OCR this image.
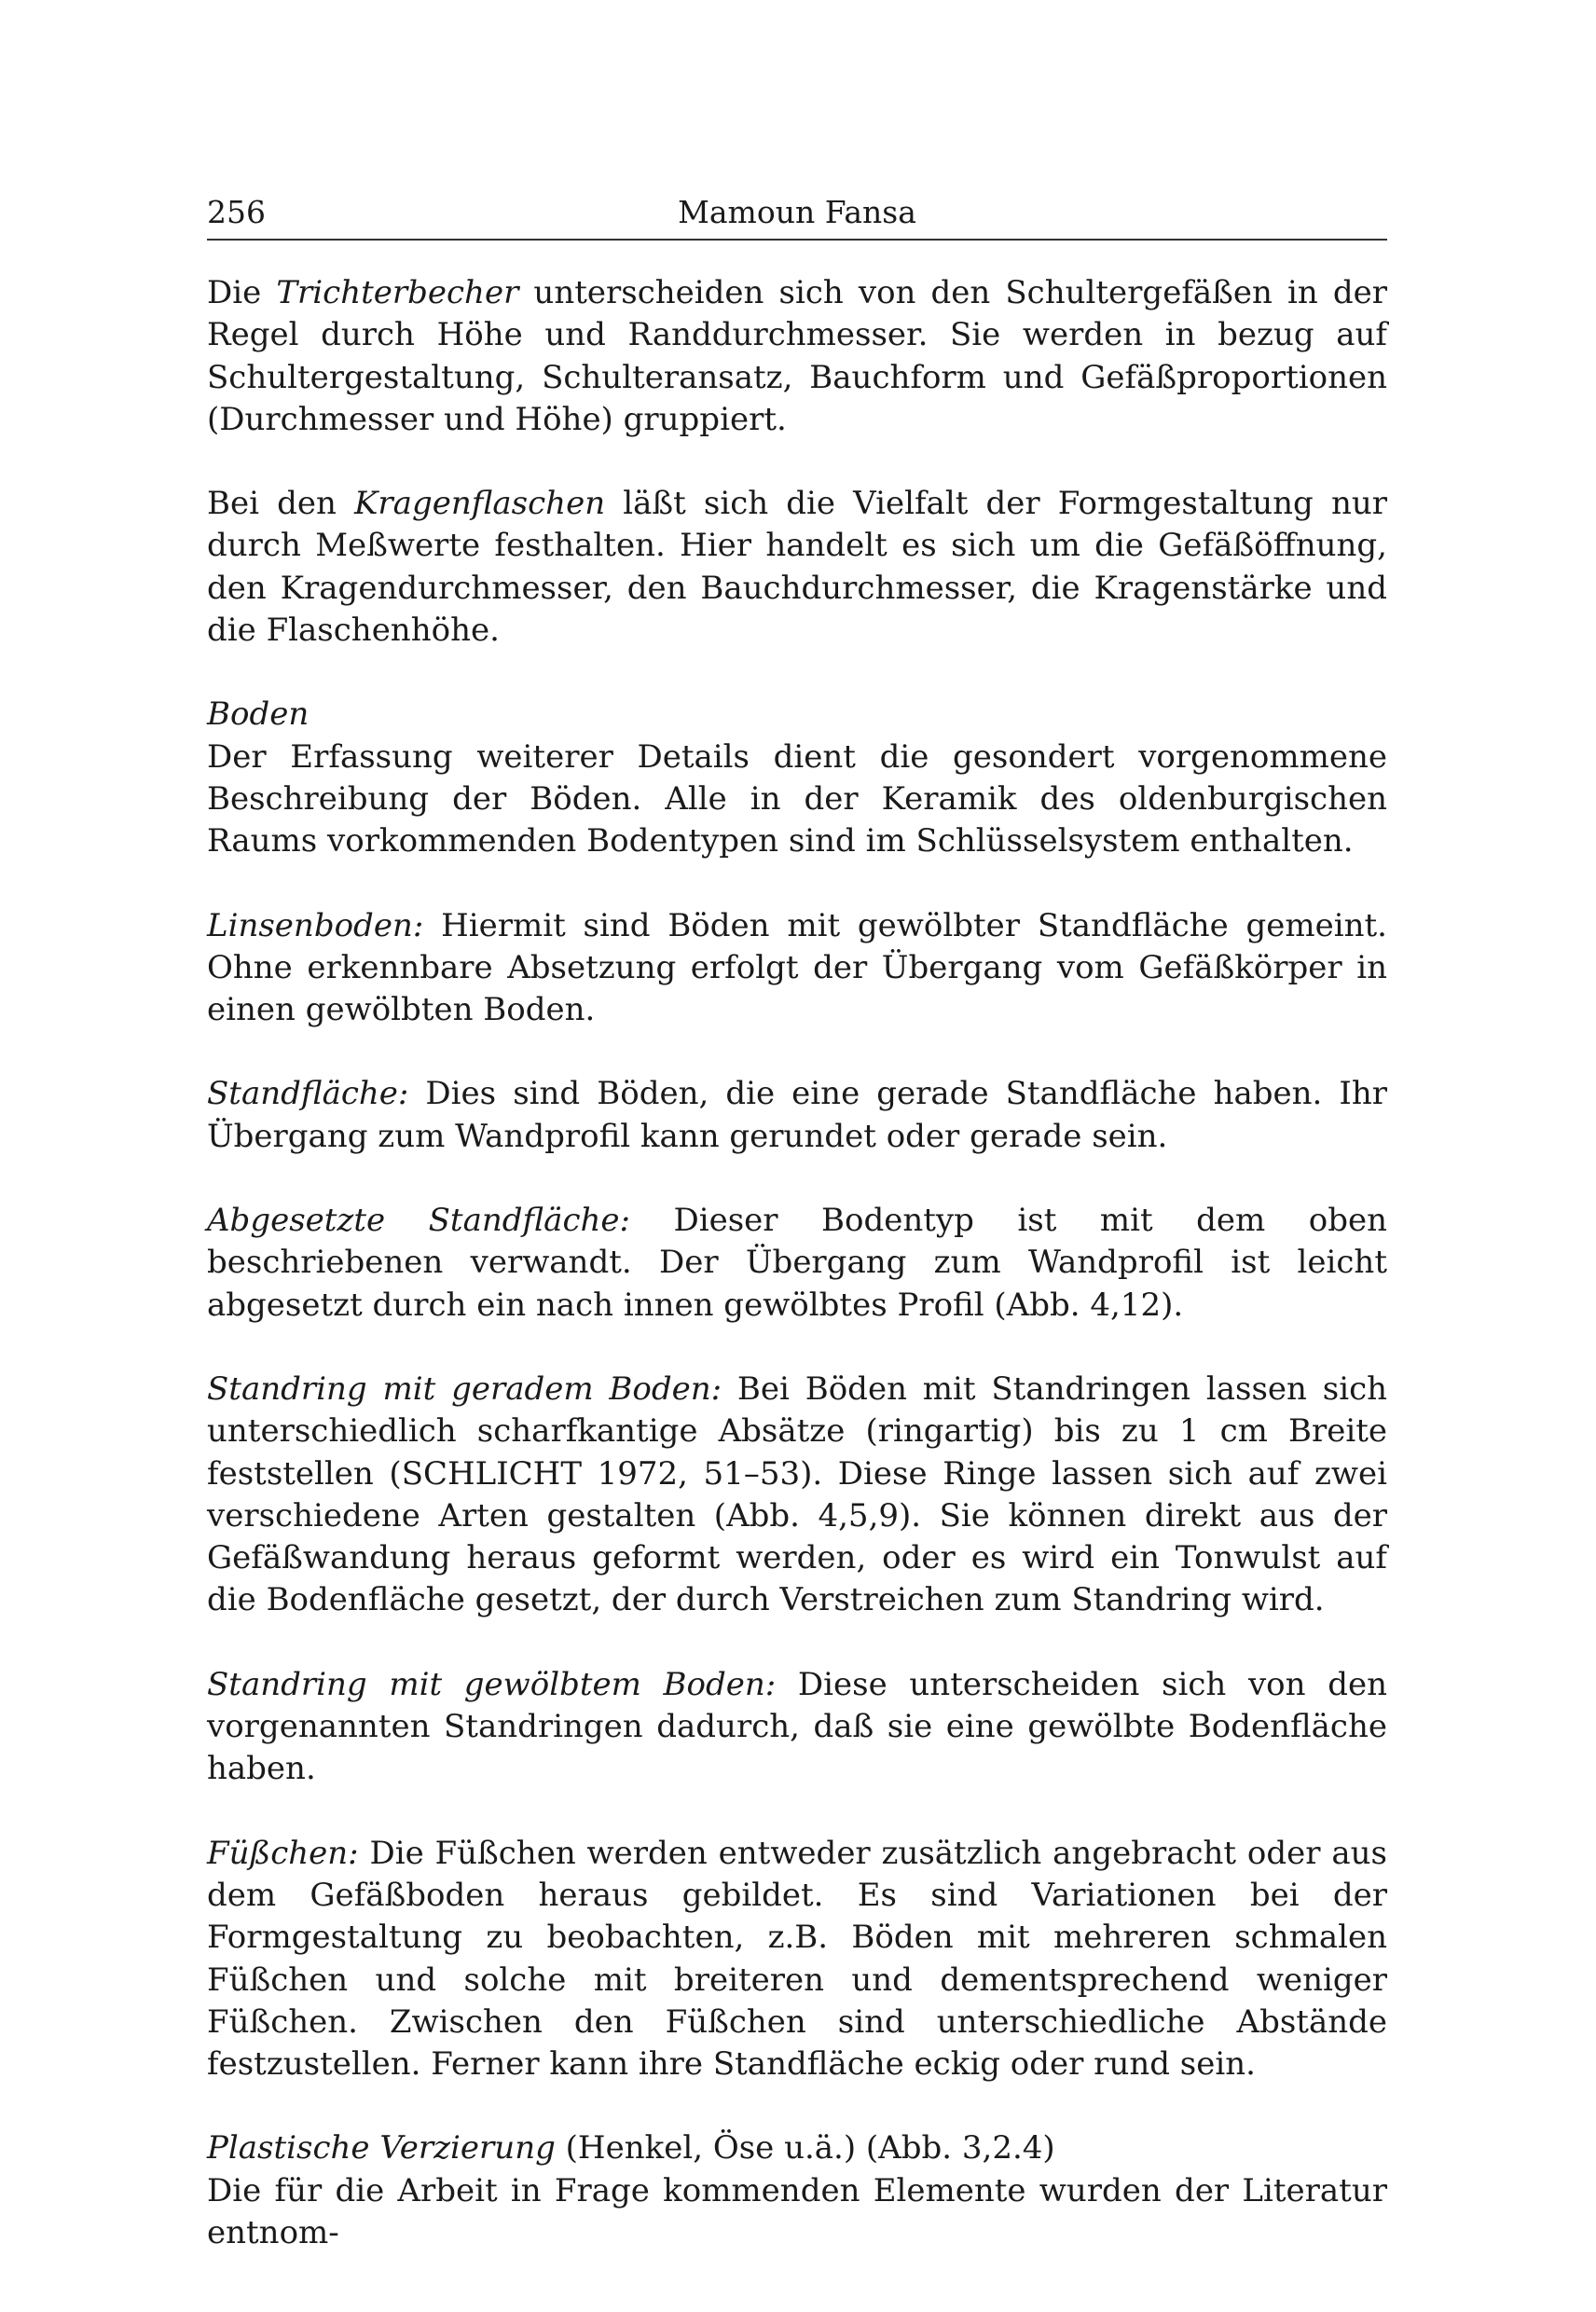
256	Mamoun Fansa

Die Trichterbecher unterscheiden sich von den Schultergefäßen in der Regel durch Höhe und Randdurchmesser. Sie werden in bezug auf Schultergestaltung, Schulteransatz, Bauchform und Gefäßproportionen (Durchmesser und Höhe) gruppiert.

Bei den Kragenflaschen läßt sich die Vielfalt der Formgestaltung nur durch Meßwerte festhalten. Hier handelt es sich um die Gefäßöffnung, den Kragendurchmesser, den Bauchdurchmesser, die Kragenstärke und die Flaschenhöhe.

Boden
Der Erfassung weiterer Details dient die gesondert vorgenommene Beschreibung der Böden. Alle in der Keramik des oldenburgischen Raums vorkommenden Bodentypen sind im Schlüsselsystem enthalten.

Linsenboden: Hiermit sind Böden mit gewölbter Standfläche gemeint. Ohne erkennbare Absetzung erfolgt der Übergang vom Gefäßkörper in einen gewölbten Boden.

Standfläche: Dies sind Böden, die eine gerade Standfläche haben. Ihr Übergang zum Wandprofil kann gerundet oder gerade sein.

Abgesetzte Standfläche: Dieser Bodentyp ist mit dem oben beschriebenen verwandt. Der Übergang zum Wandprofil ist leicht abgesetzt durch ein nach innen gewölbtes Profil (Abb. 4,12).

Standring mit geradem Boden: Bei Böden mit Standringen lassen sich unterschiedlich scharfkantige Absätze (ringartig) bis zu 1 cm Breite feststellen (SCHLICHT 1972, 51–53). Diese Ringe lassen sich auf zwei verschiedene Arten gestalten (Abb. 4,5,9). Sie können direkt aus der Gefäßwandung heraus geformt werden, oder es wird ein Tonwulst auf die Bodenfläche gesetzt, der durch Verstreichen zum Standring wird.

Standring mit gewölbtem Boden: Diese unterscheiden sich von den vorgenannten Standringen dadurch, daß sie eine gewölbte Bodenfläche haben.

Füßchen: Die Füßchen werden entweder zusätzlich angebracht oder aus dem Gefäßboden heraus gebildet. Es sind Variationen bei der Formgestaltung zu beobachten, z.B. Böden mit mehreren schmalen Füßchen und solche mit breiteren und dementsprechend weniger Füßchen. Zwischen den Füßchen sind unterschiedliche Abstände festzustellen. Ferner kann ihre Standfläche eckig oder rund sein.

Plastische Verzierung (Henkel, Öse u.ä.) (Abb. 3,2.4)
Die für die Arbeit in Frage kommenden Elemente wurden der Literatur entnom-
